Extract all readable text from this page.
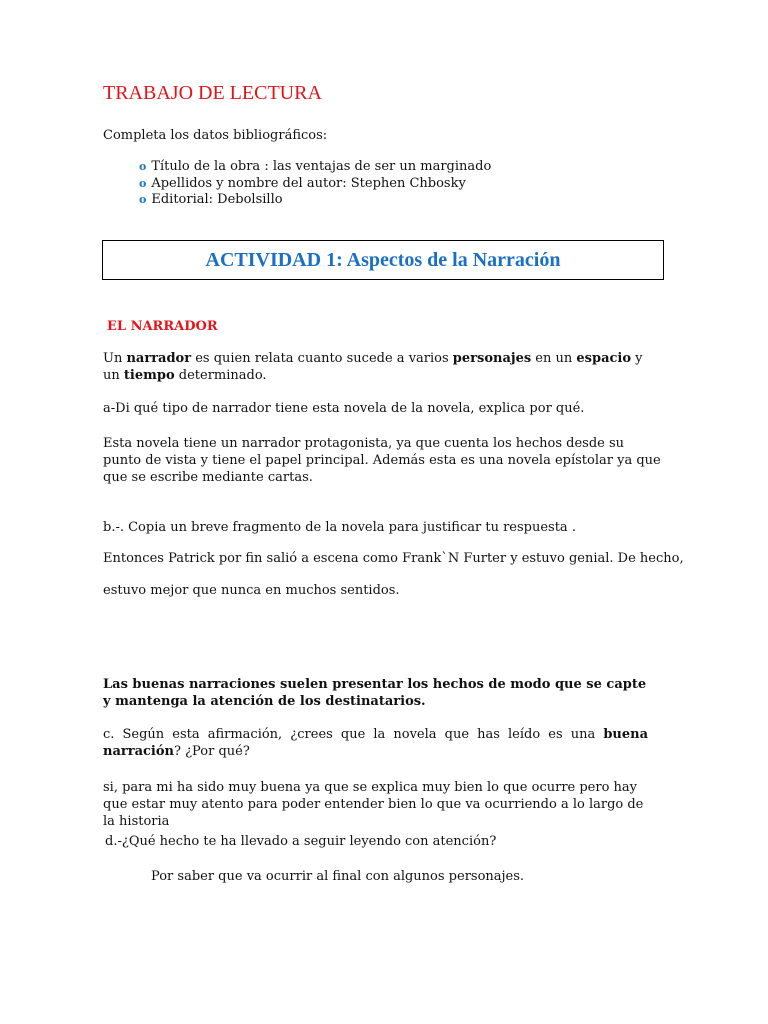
TRABAJO DE LECTURA
Completa los datos bibliográficos:
o Título de la obra : las ventajas de ser un marginado
o Apellidos y nombre del autor: Stephen Chbosky
o Editorial: Debolsillo
ACTIVIDAD 1: Aspectos de la Narración
EL NARRADOR
Un narrador es quien relata cuanto sucede a varios personajes en un espacio y un tiempo determinado.
a-Di qué tipo de narrador tiene esta novela de la novela, explica por qué.
Esta novela tiene un narrador protagonista, ya que cuenta los hechos desde su punto de vista y tiene el papel principal. Además esta es una novela epístolar ya que que se escribe mediante cartas.
b.-. Copia un breve fragmento de la novela para justificar tu respuesta .
Entonces Patrick por fin salió a escena como Frank`N Furter y estuvo genial. De hecho,
estuvo mejor que nunca en muchos sentidos.
Las buenas narraciones suelen presentar los hechos de modo que se capte y mantenga la atención de los destinatarios.
c. Según esta afirmación, ¿crees que la novela que has leído es una buena narración? ¿Por qué?
si, para mi ha sido muy buena ya que se explica muy bien lo que ocurre pero hay que estar muy atento para poder entender bien lo que va ocurriendo a lo largo de la historia
d.-¿Qué hecho te ha llevado a seguir leyendo con atención?
Por saber que va ocurrir al final con algunos personajes.
